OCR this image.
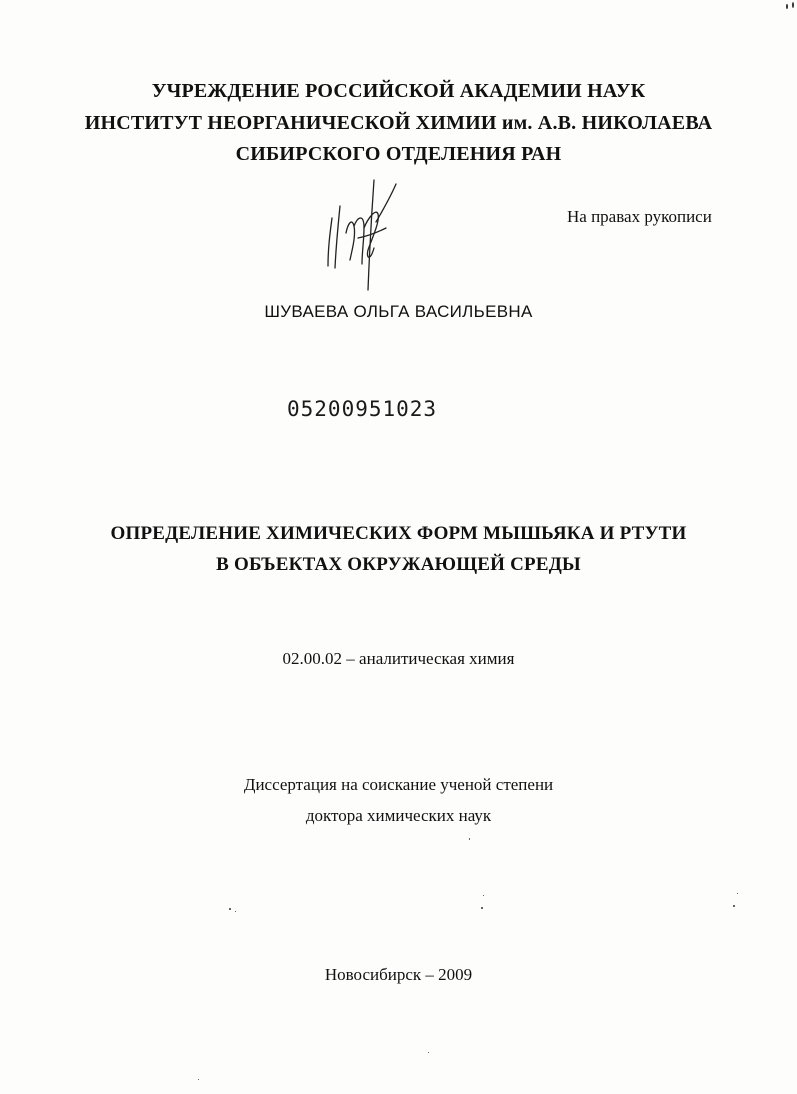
УЧРЕЖДЕНИЕ РОССИЙСКОЙ АКАДЕМИИ НАУК
ИНСТИТУТ НЕОРГАНИЧЕСКОЙ ХИМИИ им. А.В. НИКОЛАЕВА
СИБИРСКОГО ОТДЕЛЕНИЯ РАН
На правах рукописи
ШУВАЕВА ОЛЬГА ВАСИЛЬЕВНА
05200951023
ОПРЕДЕЛЕНИЕ ХИМИЧЕСКИХ ФОРМ МЫШЬЯКА И РТУТИ
В ОБЪЕКТАХ ОКРУЖАЮЩЕЙ СРЕДЫ
02.00.02 – аналитическая химия
Диссертация на соискание ученой степени
доктора химических наук
Новосибирск – 2009
